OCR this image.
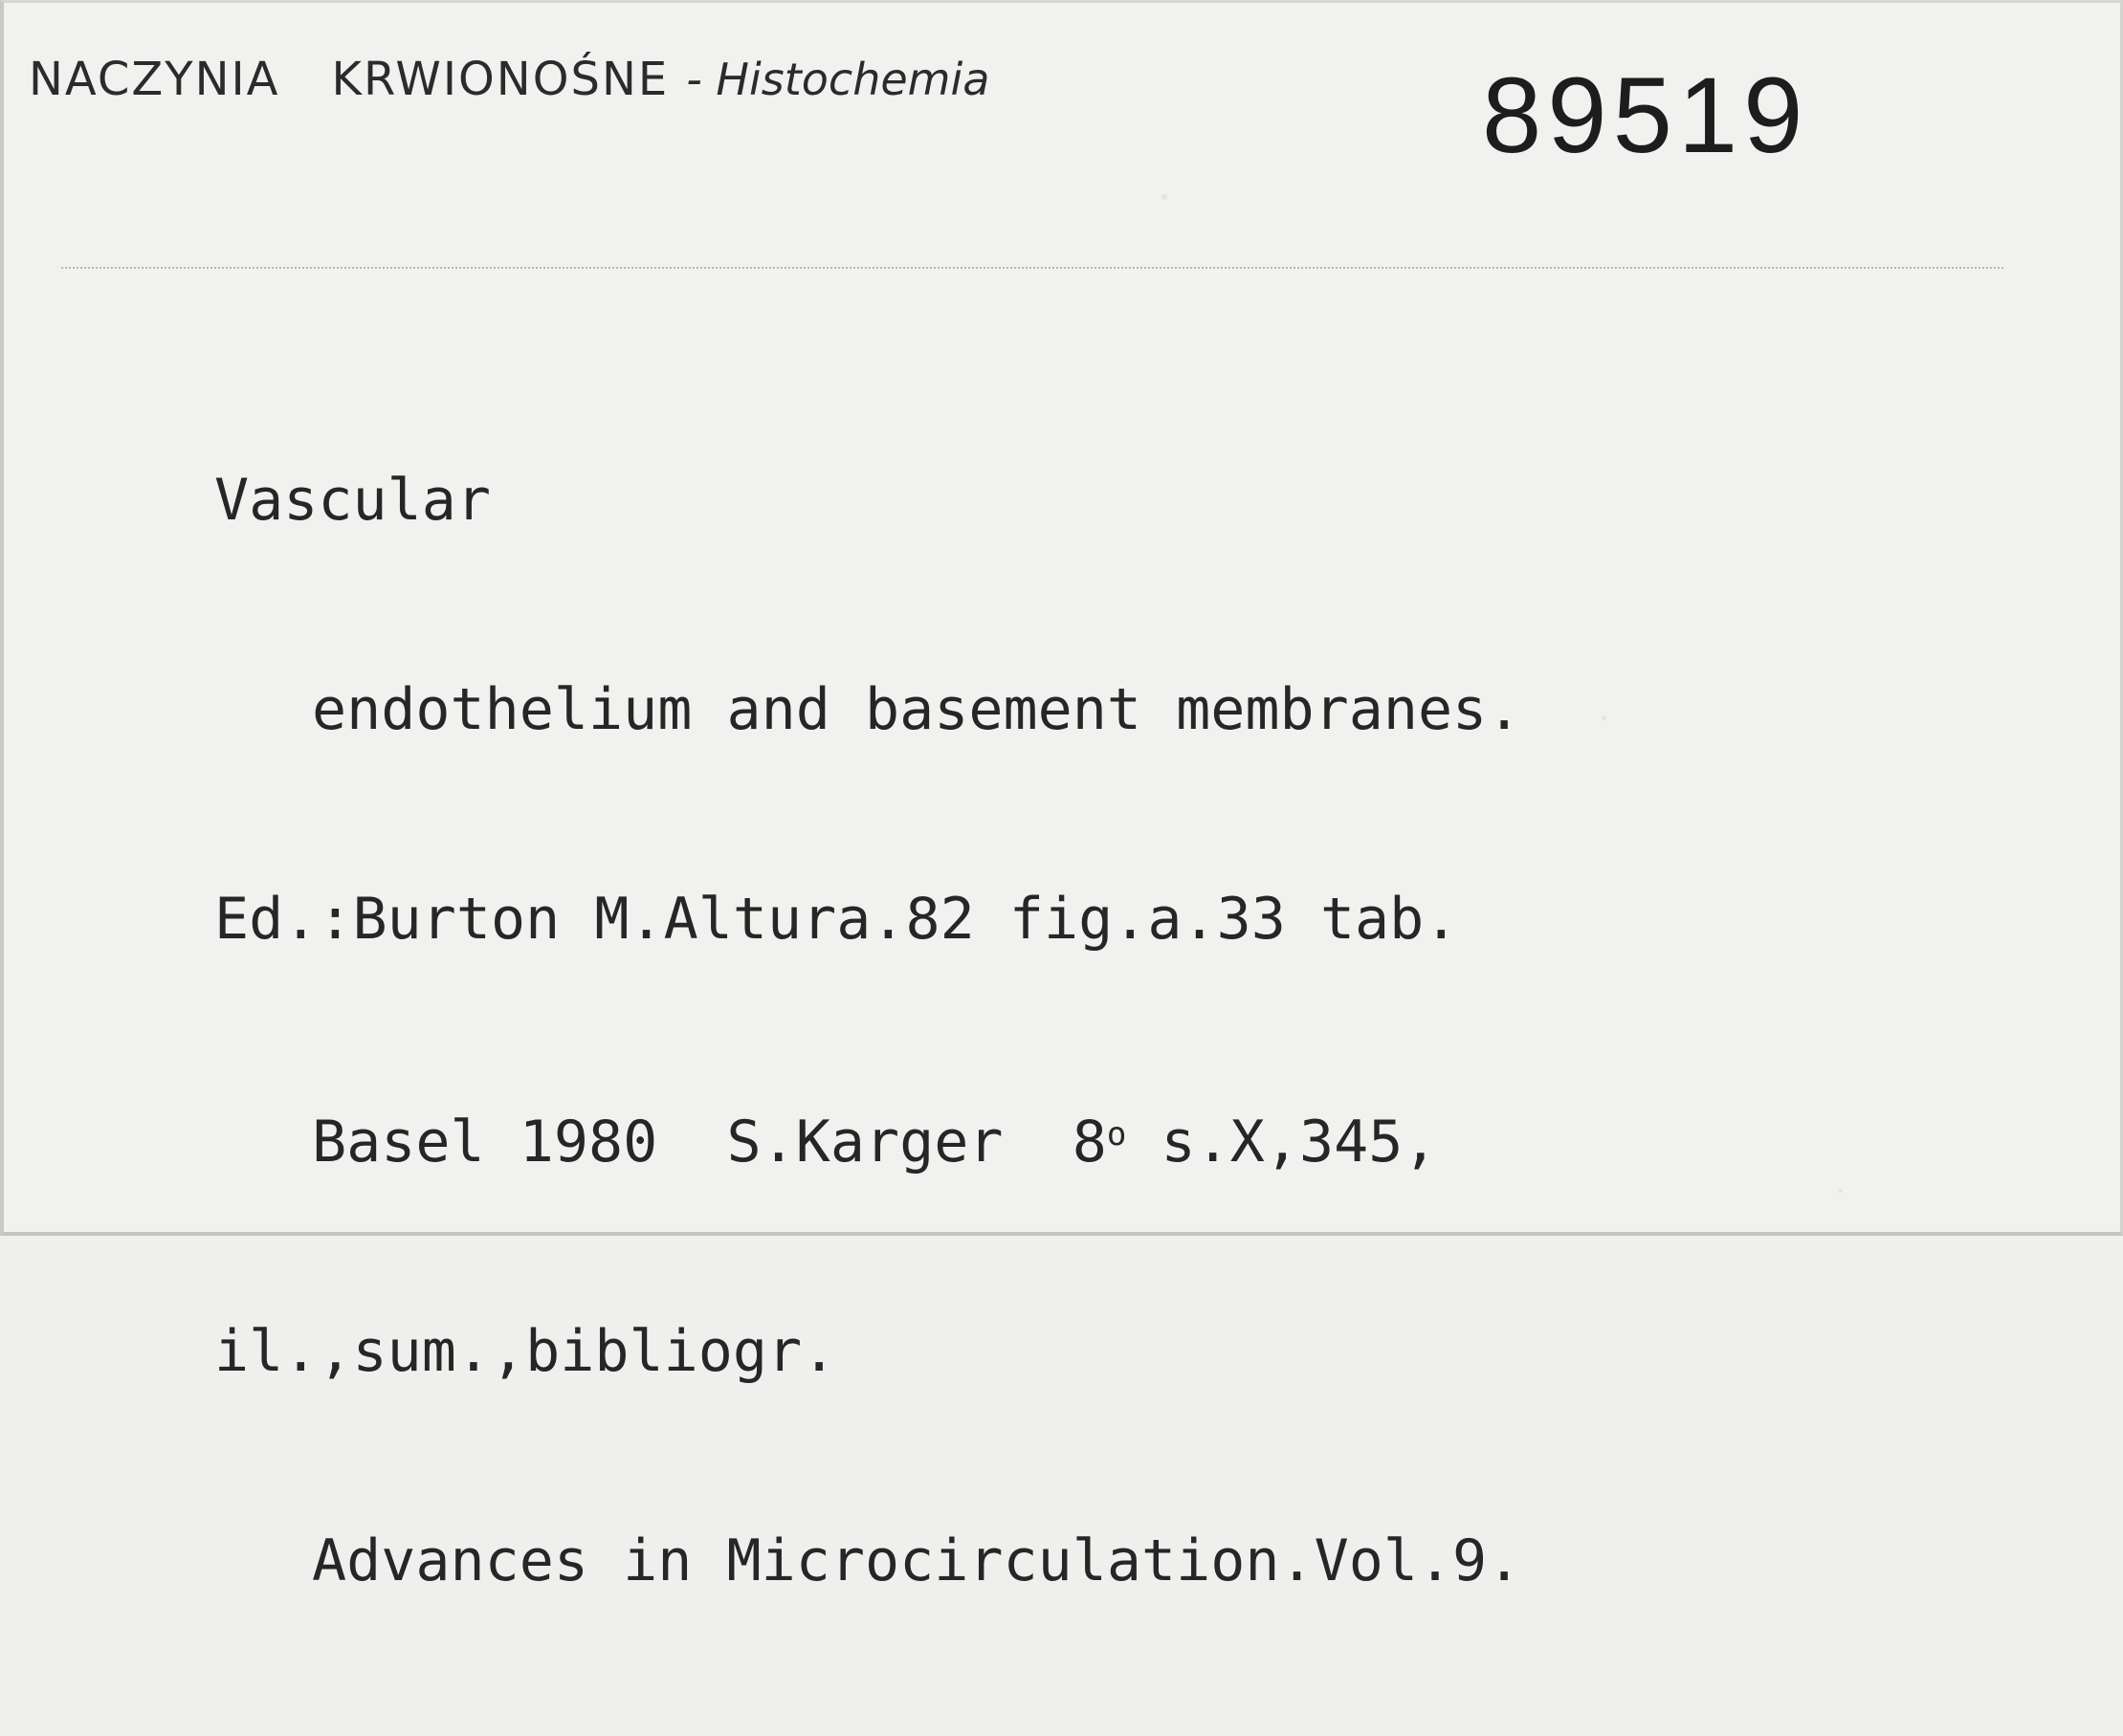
NACZYNIA KRWIONOŚNE - Histochemia	89519

Vascular

endothelium and basement membranes.

Ed.:Burton M.Altura.82 fig.a.33 tab.

Basel 1980  S.Karger  8$^o$ s.X,345,

il.,sum.,bibliogr.

Advances in Microcirculation.Vol.9.
